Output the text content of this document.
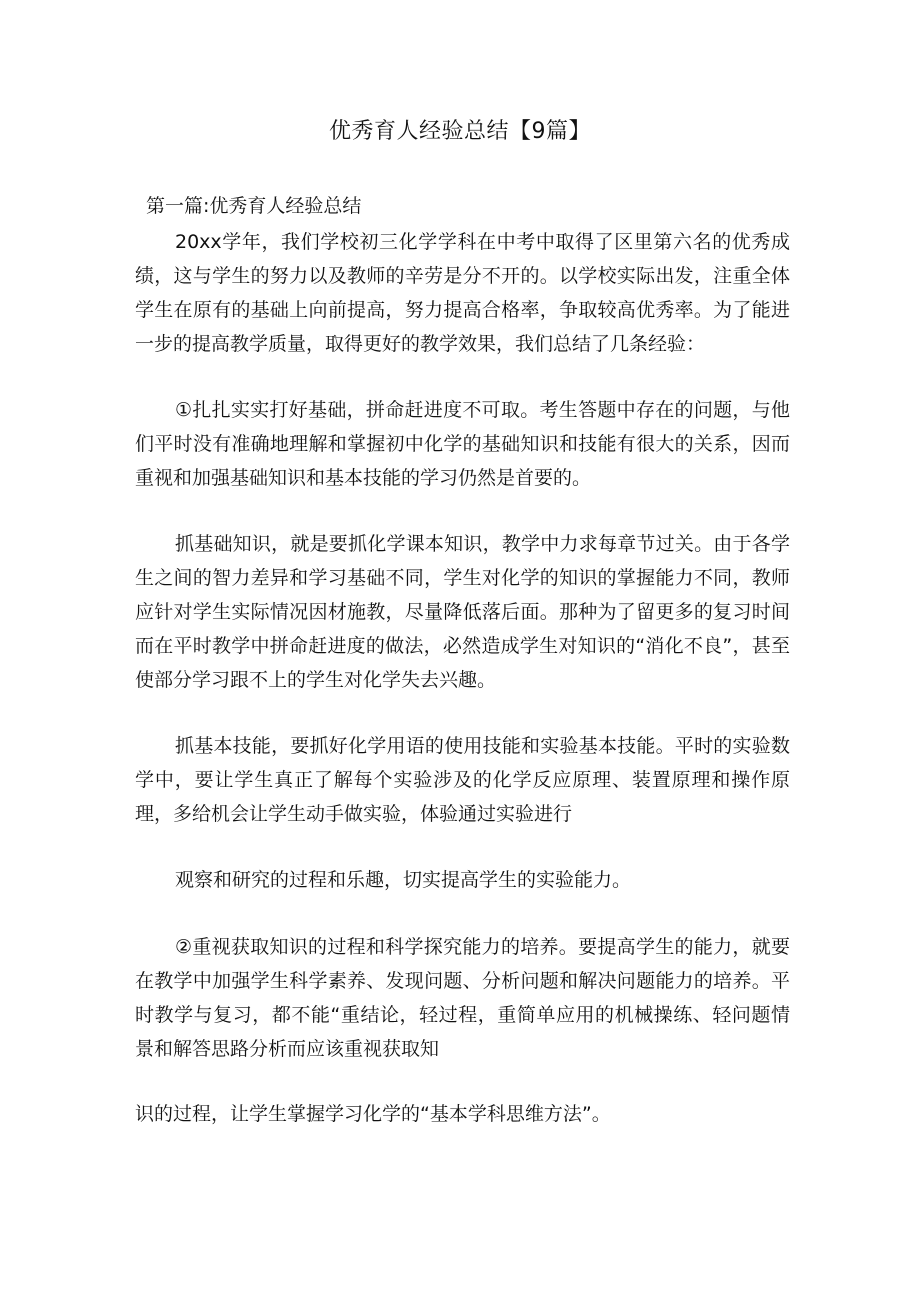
优秀育人经验总结【9篇】
第一篇:优秀育人经验总结

20xx学年，我们学校初三化学学科在中考中取得了区里第六名的优秀成绩，这与学生的努力以及教师的辛劳是分不开的。以学校实际出发，注重全体学生在原有的基础上向前提高，努力提高合格率，争取较高优秀率。为了能进一步的提高教学质量，取得更好的教学效果，我们总结了几条经验：

①扎扎实实打好基础，拼命赶进度不可取。考生答题中存在的问题，与他们平时没有准确地理解和掌握初中化学的基础知识和技能有很大的关系，因而重视和加强基础知识和基本技能的学习仍然是首要的。

抓基础知识，就是要抓化学课本知识，教学中力求每章节过关。由于各学生之间的智力差异和学习基础不同，学生对化学的知识的掌握能力不同，教师应针对学生实际情况因材施教，尽量降低落后面。那种为了留更多的复习时间而在平时教学中拼命赶进度的做法，必然造成学生对知识的“消化不良”，甚至使部分学习跟不上的学生对化学失去兴趣。

抓基本技能，要抓好化学用语的使用技能和实验基本技能。平时的实验数学中，要让学生真正了解每个实验涉及的化学反应原理、装置原理和操作原理，多给机会让学生动手做实验，体验通过实验进行

观察和研究的过程和乐趣，切实提高学生的实验能力。

②重视获取知识的过程和科学探究能力的培养。要提高学生的能力，就要在教学中加强学生科学素养、发现问题、分析问题和解决问题能力的培养。平时教学与复习，都不能“重结论，轻过程，重简单应用的机械操练、轻问题情景和解答思路分析而应该重视获取知

识的过程，让学生掌握学习化学的“基本学科思维方法”。
